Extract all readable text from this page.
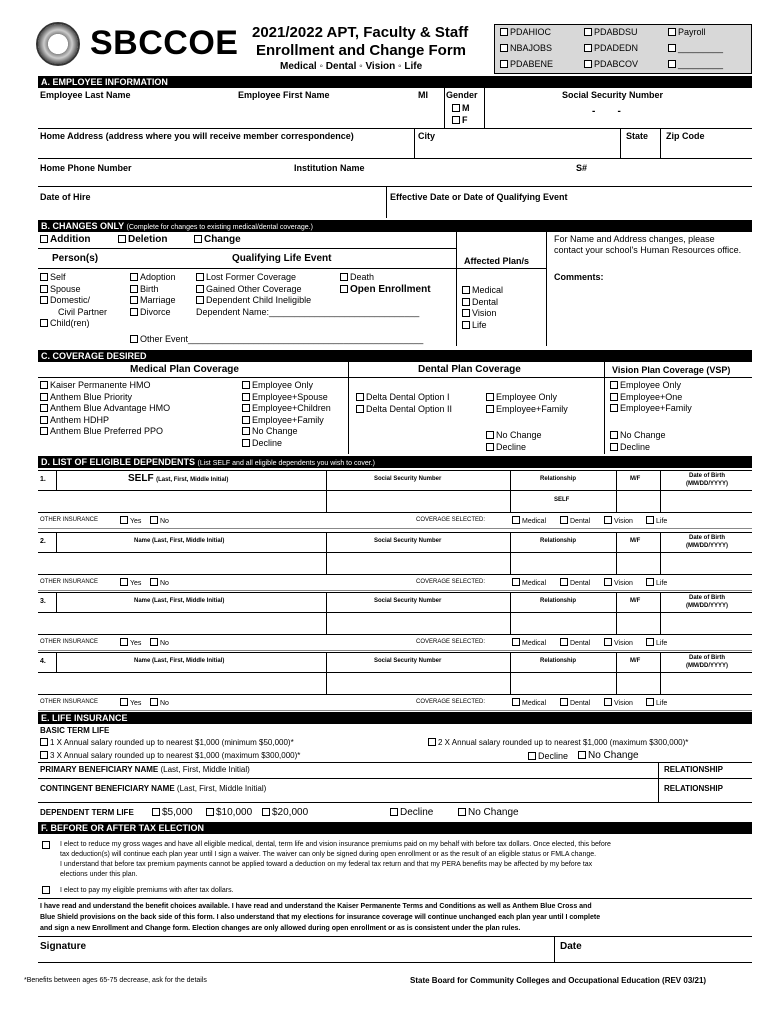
SBCCOE 2021/2022 APT, Faculty & Staff
Enrollment and Change Form
Medical ◦ Dental ◦ Vision ◦ Life
PDAHIOC	PDABDSU	Payroll
NBAJOBS	PDADEDN	_________
PDABENE	PDABCOV	_________
A. EMPLOYEE INFORMATION
Employee Last Name	Employee First Name	MI Gender
M
F
Social Security Number
-        -
Home Address (address where you will receive member correspondence)	City	State Zip Code
Home Phone Number	Institution Name	S#
Date of Hire	Effective Date or Date of Qualifying Event
B. CHANGES ONLY (Complete for changes to existing medical/dental coverage.)
Addition	Deletion	Change
Person(s)	Qualifying Life Event	Affected Plan/s
For Name and Address changes, please contact your school's Human Resources office.
Comments:
Self
Spouse
Domestic/
Civil Partner
Child(ren)
Adoption
Birth
Marriage
Divorce
Lost Former Coverage
Gained Other Coverage
Dependent Child Ineligible
Dependent Name:______________________________
Death
Open Enrollment
Other Event_______________________________________________
Medical
Dental
Vision
Life
C. COVERAGE DESIRED
Medical Plan Coverage	Dental Plan Coverage	Vision Plan Coverage (VSP)
Kaiser Permanente HMO
Anthem Blue Priority
Anthem Blue Advantage HMO
Anthem HDHP
Anthem Blue Preferred PPO
Employee Only
Employee+Spouse
Employee+Children
Employee+Family
No Change
Decline
Delta Dental Option I
Delta Dental Option II
Employee Only
Employee+Family
No Change
Decline
Employee Only
Employee+One
Employee+Family
No Change
Decline
D. LIST OF ELIGIBLE DEPENDENTS (List SELF and all eligible dependents you wish to cover.)
1.	SELF (Last, First, Middle Initial)	Social Security Number	Relationship	M/F	Date of Birth
(MM/DD/YYYY)
SELF
OTHER INSURANCE	Yes	No	COVERAGE SELECTED:	Medical	Dental	Vision	Life
2.	Name (Last, First, Middle Initial)	Social Security Number	Relationship	M/F	Date of Birth
(MM/DD/YYYY)
OTHER INSURANCE	Yes	No	COVERAGE SELECTED:	Medical	Dental	Vision	Life
3.	Name (Last, First, Middle Initial)	Social Security Number	Relationship	M/F	Date of Birth
(MM/DD/YYYY)
OTHER INSURANCE	Yes	No	COVERAGE SELECTED:	Medical	Dental	Vision	Life
4.	Name (Last, First, Middle Initial)	Social Security Number	Relationship	M/F	Date of Birth
(MM/DD/YYYY)
OTHER INSURANCE	Yes	No	COVERAGE SELECTED:	Medical	Dental	Vision	Life
E. LIFE INSURANCE
BASIC TERM LIFE
1 X Annual salary rounded up to nearest $1,000 (minimum $50,000)*	2 X Annual salary rounded up to nearest $1,000 (maximum $300,000)*
3 X Annual salary rounded up to nearest $1,000 (maximum $300,000)*	Decline	No Change
PRIMARY BENEFICIARY NAME (Last, First, Middle Initial)	RELATIONSHIP
CONTINGENT BENEFICIARY NAME (Last, First, Middle Initial)	RELATIONSHIP
DEPENDENT TERM LIFE	$5,000	$10,000	$20,000	Decline	No Change
F. BEFORE OR AFTER TAX ELECTION
I elect to reduce my gross wages and have all eligible medical, dental, term life and vision insurance premiums paid on my behalf with before tax dollars. Once elected, this before
tax deduction(s) will continue each plan year until I sign a waiver. The waiver can only be signed during open enrollment or as the result of an eligible status or FMLA change.
I understand that before tax premium payments cannot be applied toward a deduction on my federal tax return and that my PERA benefits may be affected by my before tax
elections under this plan.
I elect to pay my eligible premiums with after tax dollars.
I have read and understand the benefit choices available. I have read and understand the Kaiser Permanente Terms and Conditions as well as Anthem Blue Cross and
Blue Shield provisions on the back side of this form. I also understand that my elections for insurance coverage will continue unchanged each plan year until I complete
and sign a new Enrollment and Change form. Election changes are only allowed during open enrollment or as is consistent under the plan rules.
Signature	Date
*Benefits between ages 65-75 decrease, ask for the details	State Board for Community Colleges and Occupational Education (REV 03/21)
